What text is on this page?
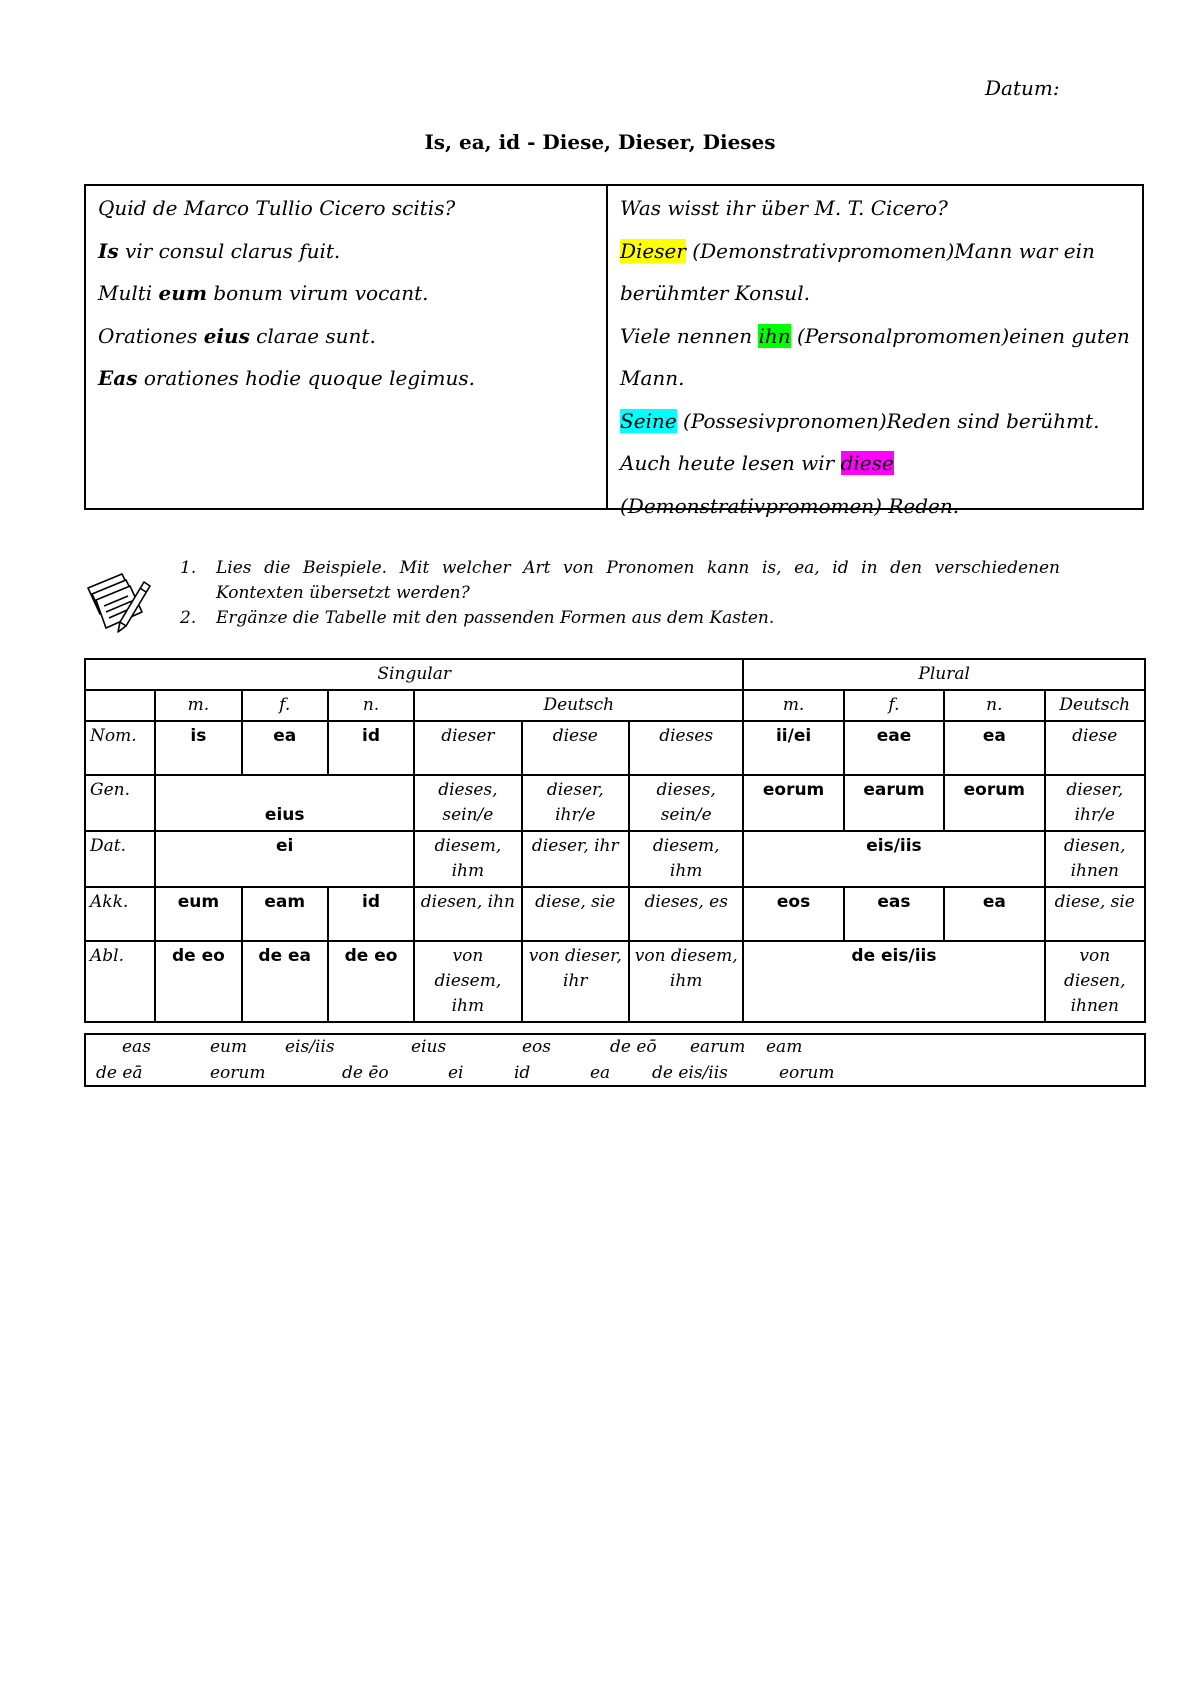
Datum:
Is, ea, id - Diese, Dieser, Dieses
Quid de Marco Tullio Cicero scitis?
Is vir consul clarus fuit.
Multi eum bonum virum vocant.
Orationes eius clarae sunt.
Eas orationes hodie quoque legimus.
Was wisst ihr über M. T. Cicero?
Dieser (Demonstrativpromomen)Mann war ein
berühmter Konsul.
Viele nennen ihn (Personalpromomen)einen guten
Mann.
Seine (Possesivpronomen)Reden sind berühmt.
Auch heute lesen wir diese
(Demonstrativpromomen) Reden.
1.	Lies die Beispiele. Mit welcher Art von Pronomen kann is, ea, id in den verschiedenen
Kontexten übersetzt werden?
2.	Ergänze die Tabelle mit den passenden Formen aus dem Kasten.
Singular							Plural			
	m.	f.	n.	Deutsch			m.	f.	n.	Deutsch
Nom.	is	ea	id	dieser	diese	dieses	ii/ei	eae	ea	diese
Gen.	eius			dieses, sein/e	dieser, ihr/e	dieses, sein/e	eorum	earum	eorum	dieser, ihr/e
Dat.	ei			diesem, ihm	dieser, ihr	diesem, ihm	eis/iis			diesen, ihnen
Akk.	eum	eam	id	diesen, ihn	diese, sie	dieses, es	eos	eas	ea	diese, sie
Abl.	de eo	de ea	de eo	von diesem, ihm	von dieser, ihr	von diesem, ihm	de eis/iis			von diesen, ihnen
eas	eum eis/iis	eius	eos	de eō earum eam
de eā	eorum	de ēo	ei	id	ea de eis/iis	eorum
